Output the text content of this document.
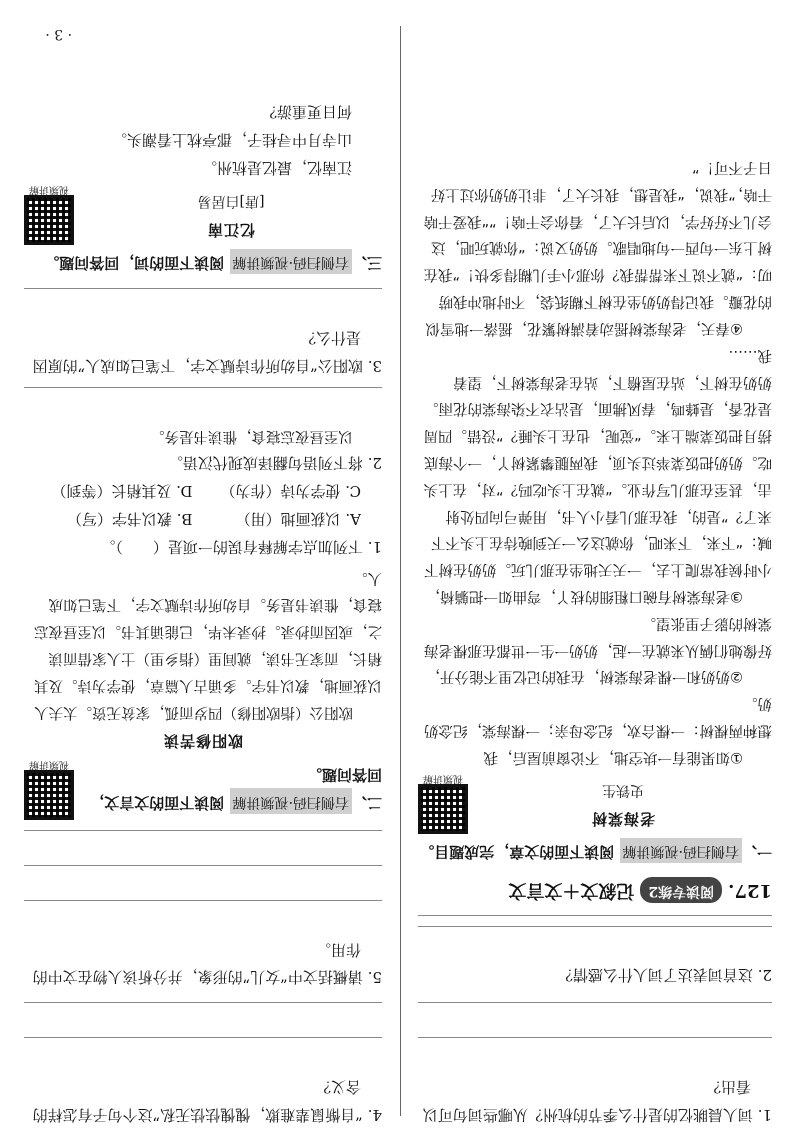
· 3 ·

1. 词人晨眺忆的是什么季节的杭州？从哪些词句可以看出？

2. 这首词表达了词人什么感情？

127.
阅读专练2
记叙文＋文言文
一、右侧扫码·视频讲解 阅读下面的文章，完成题目。
视频讲解
老海棠树
史铁生

①如果能有一块空地，不论窗前屋后，我想种两棵树：一棵合欢，纪念母亲；一棵海棠，纪念奶奶。

②奶奶和一棵老海棠树，在我的记忆里不能分开，好像她们俩从来就在一起，奶奶一生一世都在那棵老海棠树的影子里张望。

③老海棠树有碗口粗细的枝丫，弯曲如一把躺椅，小时候我常爬上去，一天天地坐在那儿玩。奶奶在树下喊：“下来，下来吧，你就这么一天到晚待在上头不下来了？”是的，我在那儿看小人书，用弹弓向四处射击，甚至在那儿写作业。“就在上头吃吗？”对，在上头吃。奶奶把饭菜举过头顶，我两腿攀紧树丫，一个海底捞月把饭菜端上来。“觉呢，也在上头睡？”没错。四周是花香，是蜂鸣，春风拂面，是沾衣不染海棠的花雨。奶奶在树下，站在屋檐下，站在老海棠树下，望着我……

④春天，老海棠树摇动着满树繁花，摇落一地雪似的花瓣。我记得奶奶坐在树下糊纸袋，不时地冲我唠叨：“就不说下来帮帮我？你那小手儿糊得多快！”我在树上东一句西一句地唱歌。奶奶又说：“你就玩吧，这会儿不好好学，以后长大了，看你会干啥！”“我爱干啥干啥，”我说，“我是想，我长大了，非让奶奶你过上好日子不可！”

4. “自惭鼠辈难欺，愧愧怯怯无私”这个句子有怎样的含义？

5. 请概括文中“女儿”的形象，并分析该人物在文中的作用。

视频讲解
二、右侧扫码·视频讲解 阅读下面的文言文，回答问题。
欧阳修苦读

欧阳公（指欧阳修）四岁而孤，家贫无资。太夫人以荻画地，教以书字。多诵古人篇章，使学为诗。及其稍长，而家无书读，就闾里（指乡里）士人家借而读之，或因而抄录。抄录未毕，已能诵其书。以至昼夜忘寝食，惟读书是务。自幼所作诗赋文字，下笔已如成人。

1. 下列加点字解释有误的一项是（　　）。

A. 以荻画地（用）
B. 教以书字（写）
C. 使学为诗（作为）
D. 及其稍长（等到）

2. 将下列语句翻译成现代汉语。

以至昼夜忘寝食，惟读书是务。

3. 欧阳公“自幼所作诗赋文字，下笔已如成人”的原因是什么？

三、右侧扫码·视频讲解 阅读下面的词，回答问题。
视频讲解
忆江南
[唐]白居易

江南忆，最忆是杭州。

山寺月中寻桂子，郡亭枕上看潮头。

何日更重游？
